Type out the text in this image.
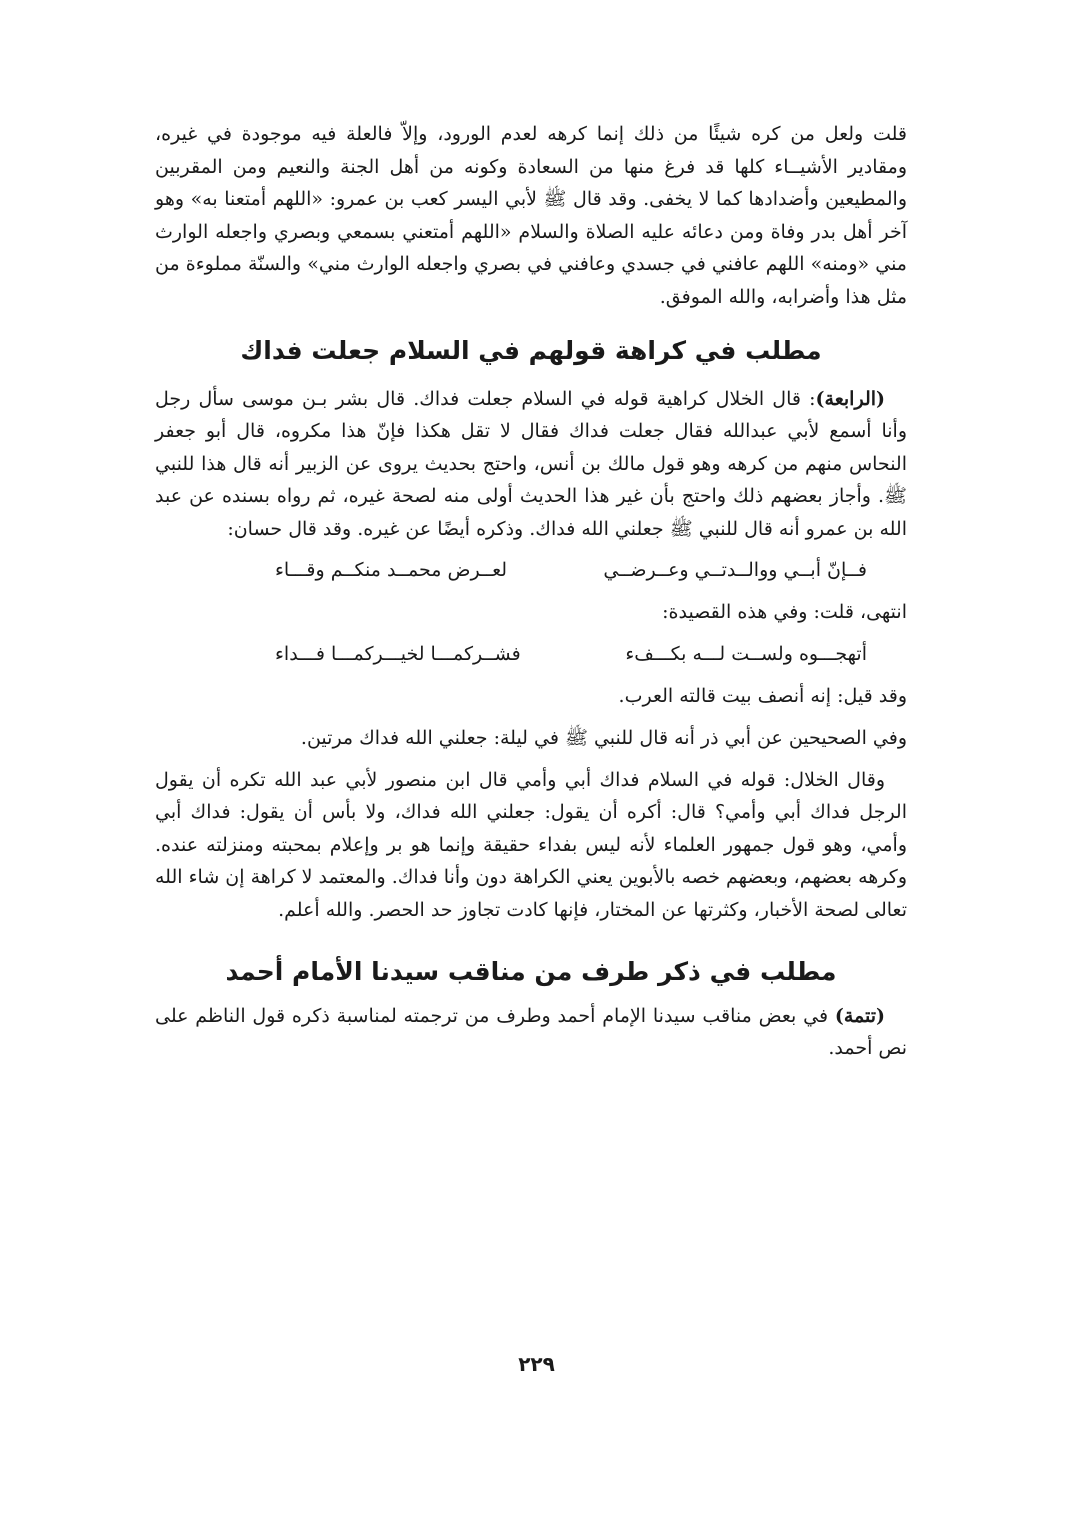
قلت ولعل من كره شيئًا من ذلك إنما كرهه لعدم الورود، وإلاّ فالعلة فيه موجودة في غيره، ومقادير الأشيــاء كلها قد فرغ منها من السعادة وكونه من أهل الجنة والنعيم ومن المقربين والمطيعين وأضدادها كما لا يخفى. وقد قال ﷺ لأبي اليسر كعب بن عمرو: «اللهم أمتعنا به» وهو آخر أهل بدر وفاة ومن دعائه عليه الصلاة والسلام «اللهم أمتعني بسمعي وبصري واجعله الوارث مني «ومنه» اللهم عافني في جسدي وعافني في بصري واجعله الوارث مني» والسنّة مملوءة من مثل هذا وأضرابه، والله الموفق.

مطلب في كراهة قولهم في السلام جعلت فداك

(الرابعة): قال الخلال كراهية قوله في السلام جعلت فداك. قال بشر بـن موسى سأل رجل وأنا أسمع لأبي عبدالله فقال جعلت فداك فقال لا تقل هكذا فإنّ هذا مكروه، قال أبو جعفر النحاس منهم من كرهه وهو قول مالك بن أنس، واحتج بحديث يروى عن الزبير أنه قال هذا للنبي ﷺ. وأجاز بعضهم ذلك واحتج بأن غير هذا الحديث أولى منه لصحة غيره، ثم رواه بسنده عن عبد الله بن عمرو أنه قال للنبي ﷺ جعلني الله فداك. وذكره أيضًا عن غيره. وقد قال حسان:

فــإنّ أبــي ووالــدتــي وعــرضــي
لعــرض محمــد منكــم وقـــاء

انتهى، قلت: وفي هذه القصيدة:

أتهجـــوه ولســت لـــه بكـــفء
فشــركمـــا لخيـــركمـــا فـــداء

وقد قيل: إنه أنصف بيت قالته العرب.

وفي الصحيحين عن أبي ذر أنه قال للنبي ﷺ في ليلة: جعلني الله فداك مرتين.

وقال الخلال: قوله في السلام فداك أبي وأمي قال ابن منصور لأبي عبد الله تكره أن يقول الرجل فداك أبي وأمي؟ قال: أكره أن يقول: جعلني الله فداك، ولا بأس أن يقول: فداك أبي وأمي، وهو قول جمهور العلماء لأنه ليس بفداء حقيقة وإنما هو بر وإعلام بمحبته ومنزلته عنده. وكرهه بعضهم، وبعضهم خصه بالأبوين يعني الكراهة دون وأنا فداك. والمعتمد لا كراهة إن شاء الله تعالى لصحة الأخبار، وكثرتها عن المختار، فإنها كادت تجاوز حد الحصر. والله أعلم.

مطلب في ذكر طرف من مناقب سيدنا الأمام أحمد

(تتمة) في بعض مناقب سيدنا الإمام أحمد وطرف من ترجمته لمناسبة ذكره قول الناظم على نص أحمد.

٢٢٩
